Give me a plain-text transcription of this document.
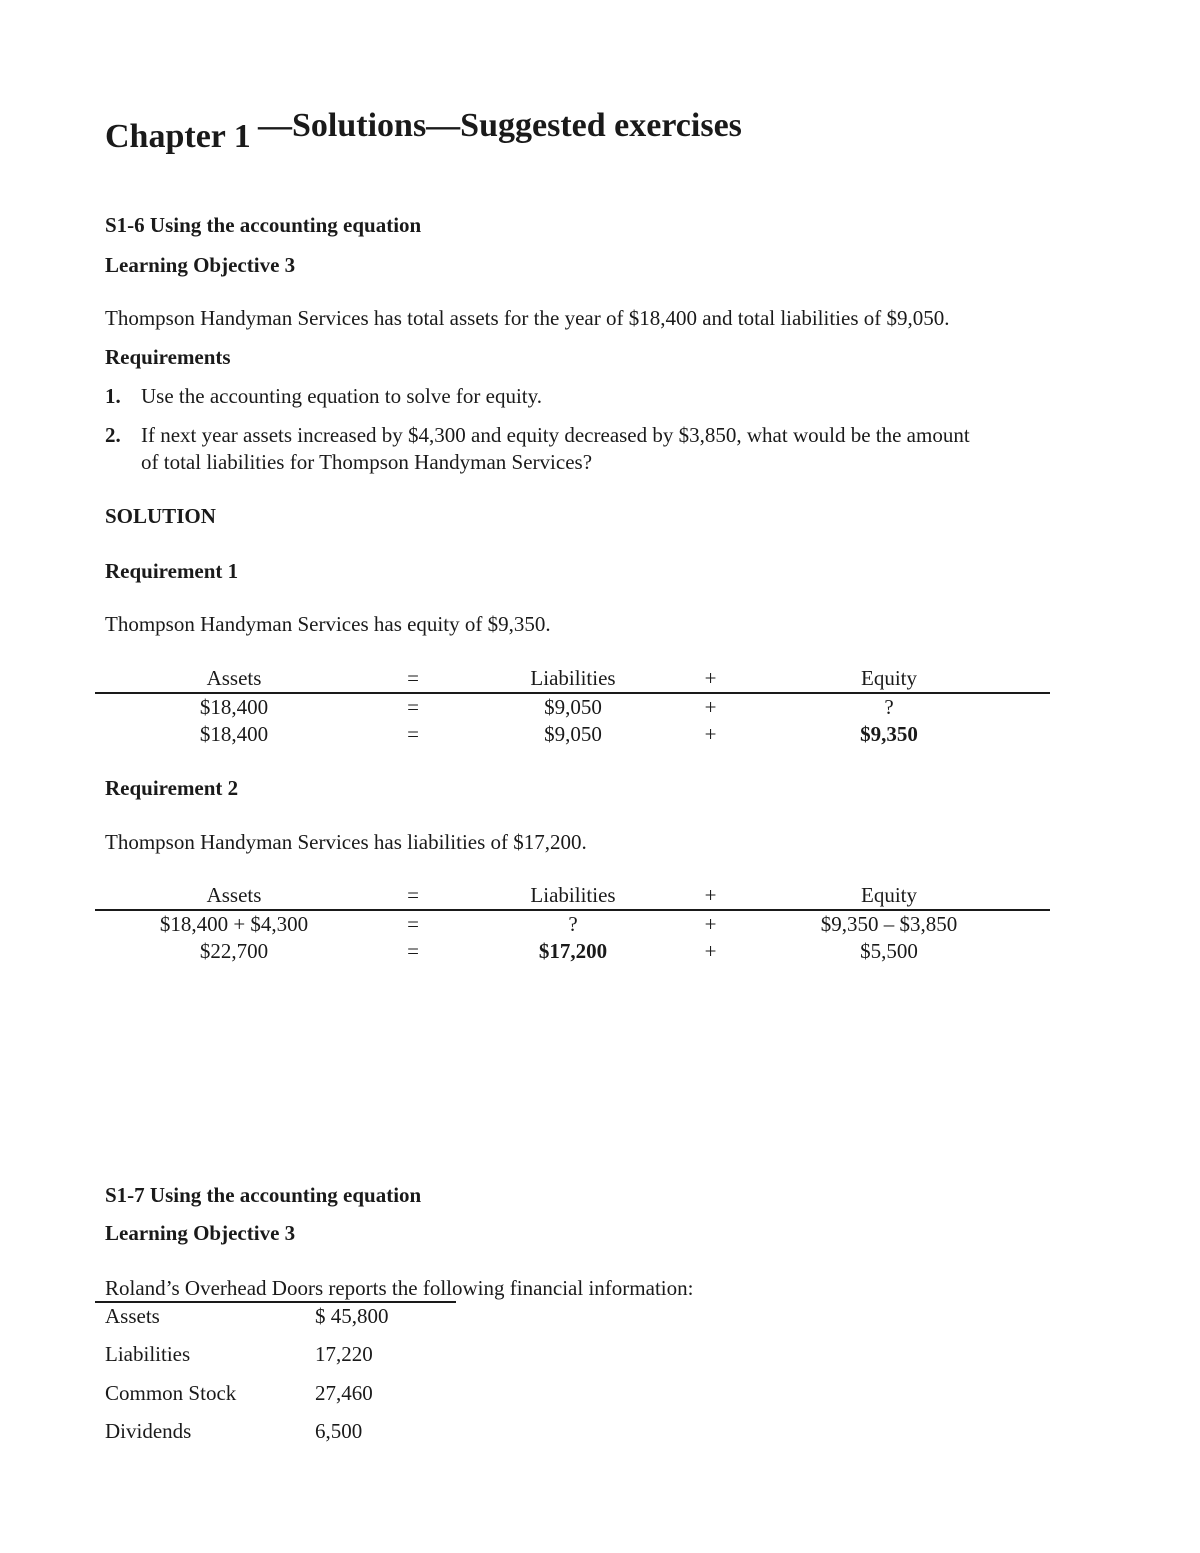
Chapter 1 —Solutions—Suggested exercises
S1-6 Using the accounting equation
Learning Objective 3
Thompson Handyman Services has total assets for the year of $18,400 and total liabilities of $9,050.
Requirements
1. Use the accounting equation to solve for equity.
2. If next year assets increased by $4,300 and equity decreased by $3,850, what would be the amount
of total liabilities for Thompson Handyman Services?
SOLUTION
Requirement 1
Thompson Handyman Services has equity of $9,350.
Assets	=	Liabilities	+	Equity
$18,400	=	$9,050	+	?
$18,400	=	$9,050	+	$9,350
Requirement 2
Thompson Handyman Services has liabilities of $17,200.
Assets	=	Liabilities	+	Equity
$18,400 + $4,300	=	?	+	$9,350 – $3,850
$22,700	=	$17,200	+	$5,500
S1-7 Using the accounting equation
Learning Objective 3
Roland’s Overhead Doors reports the following financial information:
Assets	$ 45,800
Liabilities	17,220
Common Stock	27,460
Dividends	6,500
